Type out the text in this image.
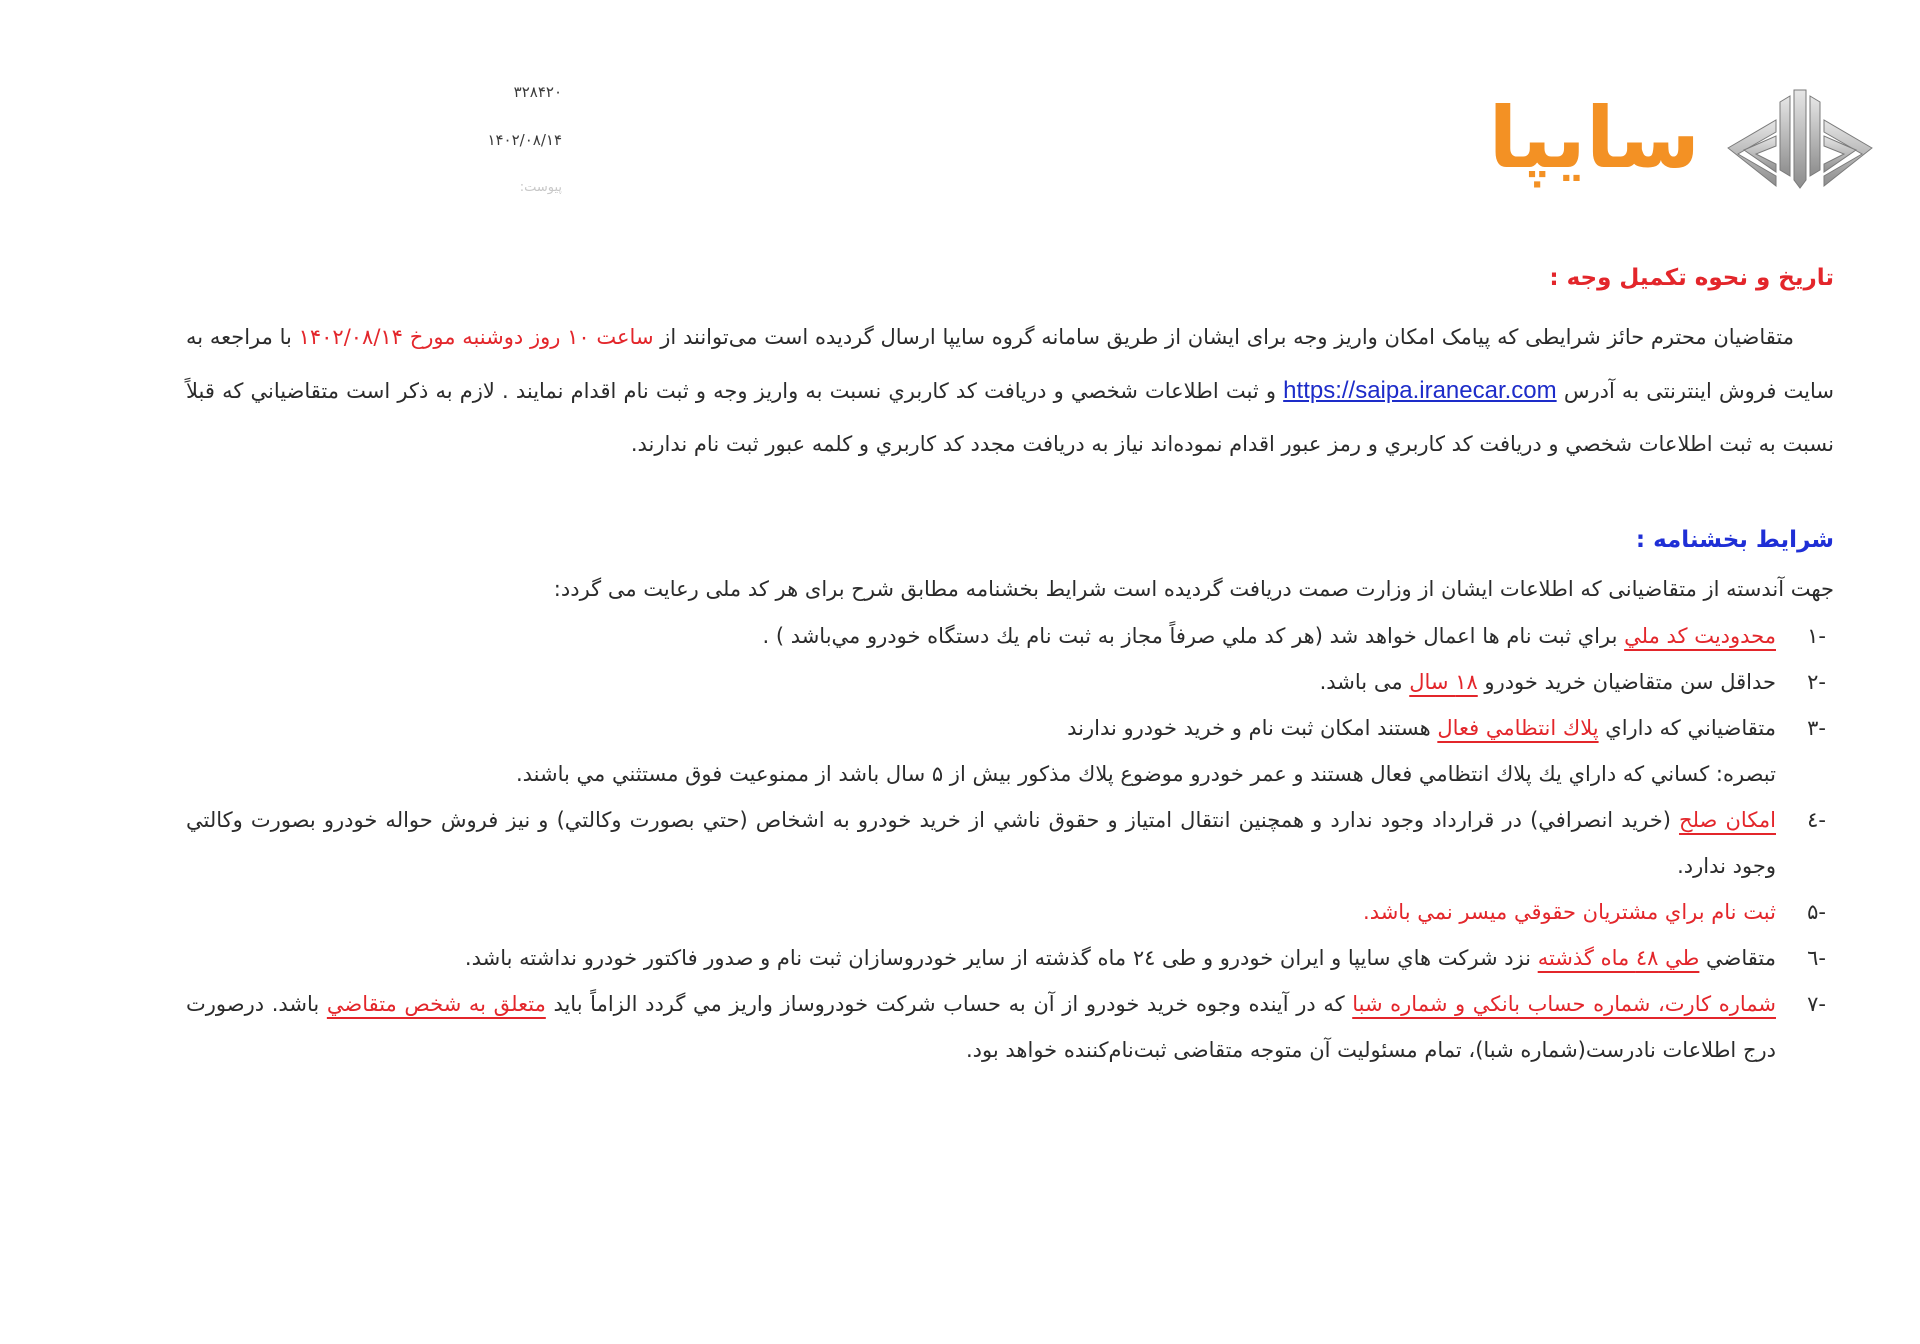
۳۲۸۴۲۰
۱۴۰۲/۰۸/۱۴
پیوست:
سایپا
تاریخ و نحوه تکمیل وجه :

متقاضیان محترم حائز شرایطی که پیامک امکان واریز وجه برای ایشان از طریق سامانه گروه سایپا ارسال گردیده است می‌توانند از ساعت ۱۰ روز دوشنبه مورخ ۱۴۰۲/۰۸/۱۴ با مراجعه به سایت فروش اینترنتی به آدرس https://saipa.iranecar.com و ثبت اطلاعات شخصي و دريافت كد كاربري نسبت به واريز وجه و ثبت نام اقدام نمايند . لازم به ذكر است متقاضياني كه قبلاً نسبت به ثبت اطلاعات شخصي و دريافت كد كاربري و رمز عبور اقدام نموده‌اند نياز به دريافت مجدد كد كاربري و كلمه عبور ثبت نام ندارند.

شرایط بخشنامه :

جهت آندسته از متقاضیانی که اطلاعات ایشان از وزارت صمت دریافت گردیده است شرایط بخشنامه مطابق شرح برای هر کد ملی رعایت می گردد:

-۱
محدوديت كد ملي براي ثبت نام ها اعمال خواهد شد (هر كد ملي صرفاً مجاز به ثبت نام يك دستگاه خودرو مي‌باشد ) .
-۲
حداقل سن متقاضیان خرید خودرو ۱۸ سال می باشد.
-۳
متقاضياني كه داراي پلاك انتظامي فعال هستند امكان ثبت نام و خريد خودرو ندارند

تبصره: كساني كه داراي يك پلاك انتظامي فعال هستند و عمر خودرو موضوع پلاك مذكور بيش از ۵ سال باشد از ممنوعيت فوق مستثني مي باشند.

-٤
امكان صلح (خريد انصرافي) در قرارداد وجود ندارد و همچنين انتقال امتياز و حقوق ناشي از خريد خودرو به اشخاص (حتي بصورت وكالتي) و نيز فروش حواله خودرو بصورت وكالتي وجود ندارد.
-۵
ثبت نام براي مشتريان حقوقي ميسر نمي باشد.
-٦
متقاضي طي ٤۸ ماه گذشته نزد شركت هاي سايپا و ايران خودرو و طی ۲٤ ماه گذشته از ساير خودروسازان ثبت نام و صدور فاكتور خودرو نداشته باشد.
-۷
شماره كارت، شماره حساب بانكي و شماره شبا كه در آينده وجوه خريد خودرو از آن به حساب شركت خودروساز واريز مي گردد الزاماً بايد متعلق به شخص متقاضي باشد. درصورت درج اطلاعات نادرست(شماره شبا)، تمام مسئوليت آن متوجه متقاضی ثبت‌نام‌کننده خواهد بود.
